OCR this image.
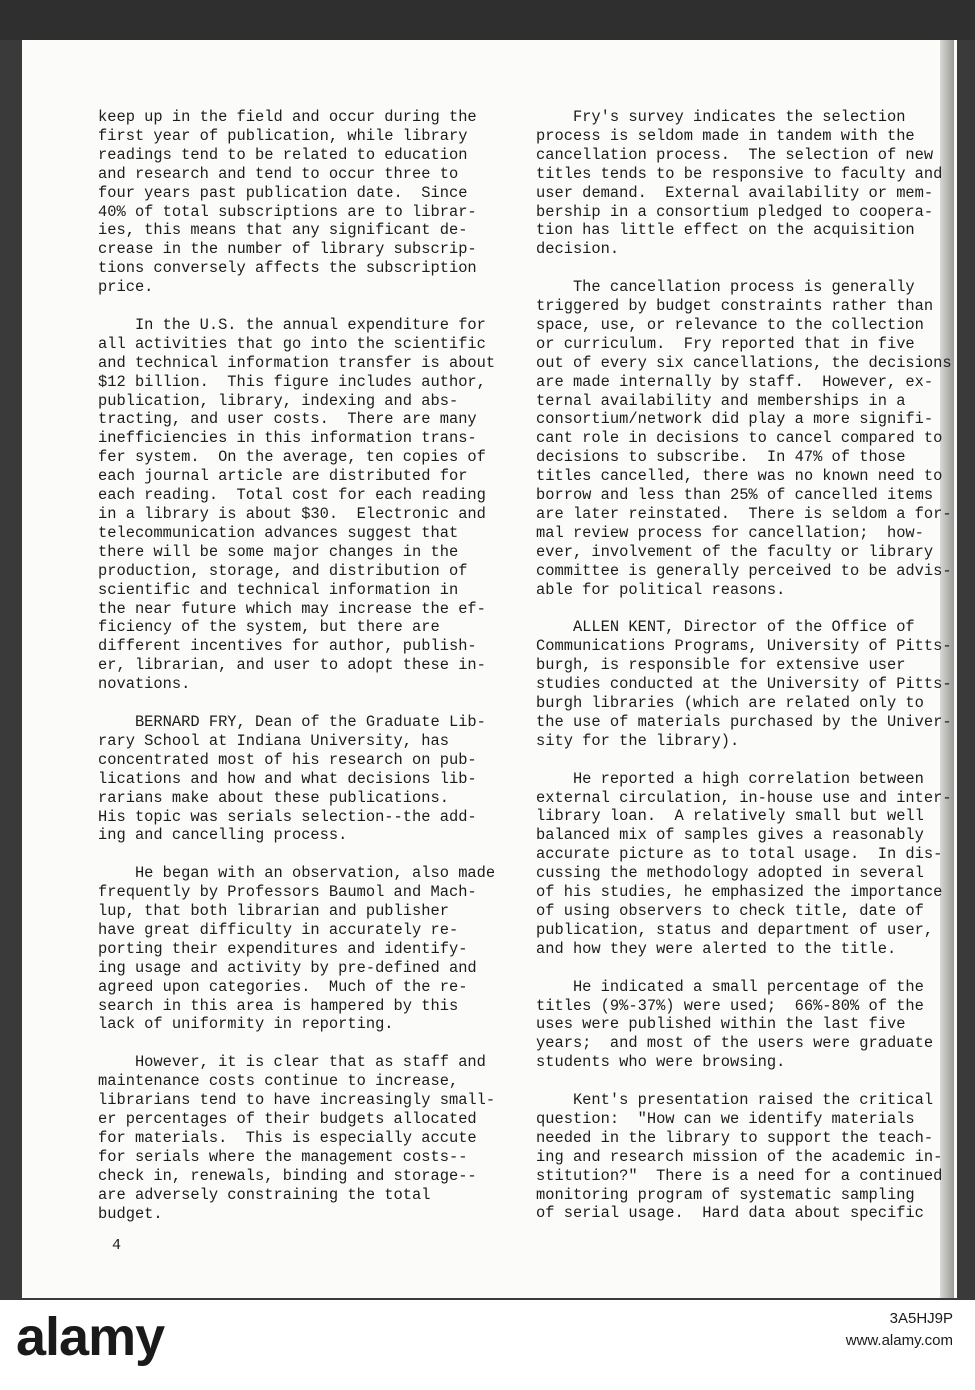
keep up in the field and occur during the
first year of publication, while library
readings tend to be related to education
and research and tend to occur three to
four years past publication date.  Since
40% of total subscriptions are to librar-
ies, this means that any significant de-
crease in the number of library subscrip-
tions conversely affects the subscription
price.

In the U.S. the annual expenditure for
all activities that go into the scientific
and technical information transfer is about
$12 billion.  This figure includes author,
publication, library, indexing and abs-
tracting, and user costs.  There are many
inefficiencies in this information trans-
fer system.  On the average, ten copies of
each journal article are distributed for
each reading.  Total cost for each reading
in a library is about $30.  Electronic and
telecommunication advances suggest that
there will be some major changes in the
production, storage, and distribution of
scientific and technical information in
the near future which may increase the ef-
ficiency of the system, but there are
different incentives for author, publish-
er, librarian, and user to adopt these in-
novations.

BERNARD FRY, Dean of the Graduate Lib-
rary School at Indiana University, has
concentrated most of his research on pub-
lications and how and what decisions lib-
rarians make about these publications.
His topic was serials selection--the add-
ing and cancelling process.

He began with an observation, also made
frequently by Professors Baumol and Mach-
lup, that both librarian and publisher
have great difficulty in accurately re-
porting their expenditures and identify-
ing usage and activity by pre-defined and
agreed upon categories.  Much of the re-
search in this area is hampered by this
lack of uniformity in reporting.

However, it is clear that as staff and
maintenance costs continue to increase,
librarians tend to have increasingly small-
er percentages of their budgets allocated
for materials.  This is especially accute
for serials where the management costs--
check in, renewals, binding and storage--
are adversely constraining the total
budget.

Fry's survey indicates the selection
process is seldom made in tandem with the
cancellation process.  The selection of new
titles tends to be responsive to faculty and
user demand.  External availability or mem-
bership in a consortium pledged to coopera-
tion has little effect on the acquisition
decision.

The cancellation process is generally
triggered by budget constraints rather than
space, use, or relevance to the collection
or curriculum.  Fry reported that in five
out of every six cancellations, the decisions
are made internally by staff.  However, ex-
ternal availability and memberships in a
consortium/network did play a more signifi-
cant role in decisions to cancel compared to
decisions to subscribe.  In 47% of those
titles cancelled, there was no known need to
borrow and less than 25% of cancelled items
are later reinstated.  There is seldom a for-
mal review process for cancellation;  how-
ever, involvement of the faculty or library
committee is generally perceived to be advis-
able for political reasons.

ALLEN KENT, Director of the Office of
Communications Programs, University of Pitts-
burgh, is responsible for extensive user
studies conducted at the University of Pitts-
burgh libraries (which are related only to
the use of materials purchased by the Univer-
sity for the library).

He reported a high correlation between
external circulation, in-house use and inter-
library loan.  A relatively small but well
balanced mix of samples gives a reasonably
accurate picture as to total usage.  In dis-
cussing the methodology adopted in several
of his studies, he emphasized the importance
of using observers to check title, date of
publication, status and department of user,
and how they were alerted to the title.

He indicated a small percentage of the
titles (9%-37%) were used;  66%-80% of the
uses were published within the last five
years;  and most of the users were graduate
students who were browsing.

Kent's presentation raised the critical
question:  "How can we identify materials
needed in the library to support the teach-
ing and research mission of the academic in-
stitution?"  There is a need for a continued
monitoring program of systematic sampling
of serial usage.  Hard data about specific

4
alamy	3A5HJ9P
www.alamy.com
